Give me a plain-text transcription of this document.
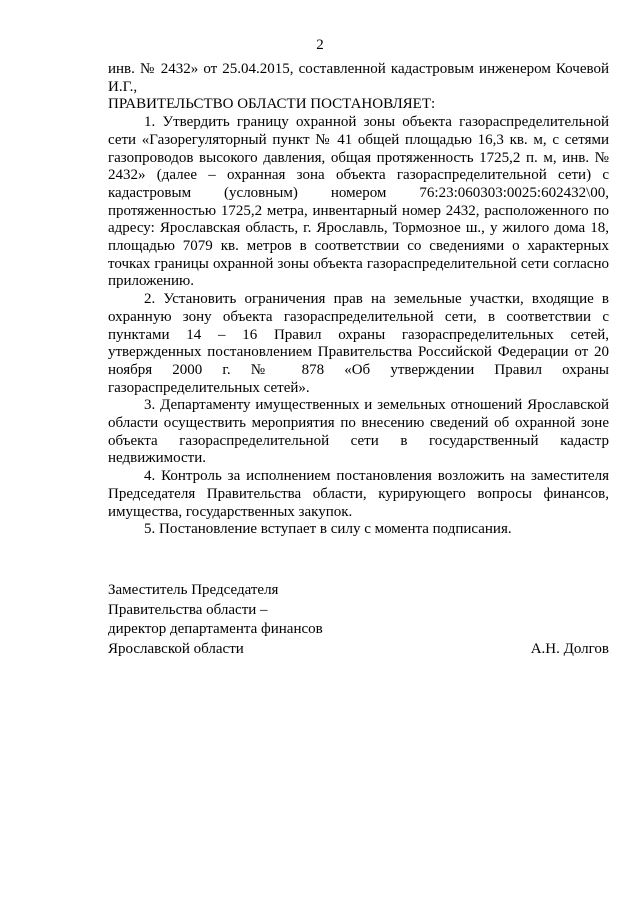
2

инв. № 2432» от 25.04.2015, составленной кадастровым инженером Кочевой И.Г.,

ПРАВИТЕЛЬСТВО ОБЛАСТИ ПОСТАНОВЛЯЕТ:

1. Утвердить границу охранной зоны объекта газораспределительной сети «Газорегуляторный пункт № 41 общей площадью 16,3 кв. м, с сетями газопроводов высокого давления, общая протяженность 1725,2 п. м, инв. № 2432» (далее – охранная зона объекта газораспределительной сети) с кадастровым (условным) номером 76:23:060303:0025:602432\00, протяженностью 1725,2 метра, инвентарный номер 2432, расположенного по адресу: Ярославская область, г. Ярославль, Тормозное ш., у жилого дома 18, площадью 7079 кв. метров в соответствии со сведениями о характерных точках границы охранной зоны объекта газораспределительной сети согласно приложению.

2. Установить ограничения прав на земельные участки, входящие в охранную зону объекта газораспределительной сети, в соответствии с пунктами 14 – 16 Правил охраны газораспределительных сетей, утвержденных постановлением Правительства Российской Федерации от 20 ноября 2000 г. № 878 «Об утверждении Правил охраны газораспределительных сетей».

3. Департаменту имущественных и земельных отношений Ярославской области осуществить мероприятия по внесению сведений об охранной зоне объекта газораспределительной сети в государственный кадастр недвижимости.

4. Контроль за исполнением постановления возложить на заместителя Председателя Правительства области, курирующего вопросы финансов, имущества, государственных закупок.

5. Постановление вступает в силу с момента подписания.

Заместитель Председателя
Правительства области –
директор департамента финансов
Ярославской области	А.Н. Долгов
